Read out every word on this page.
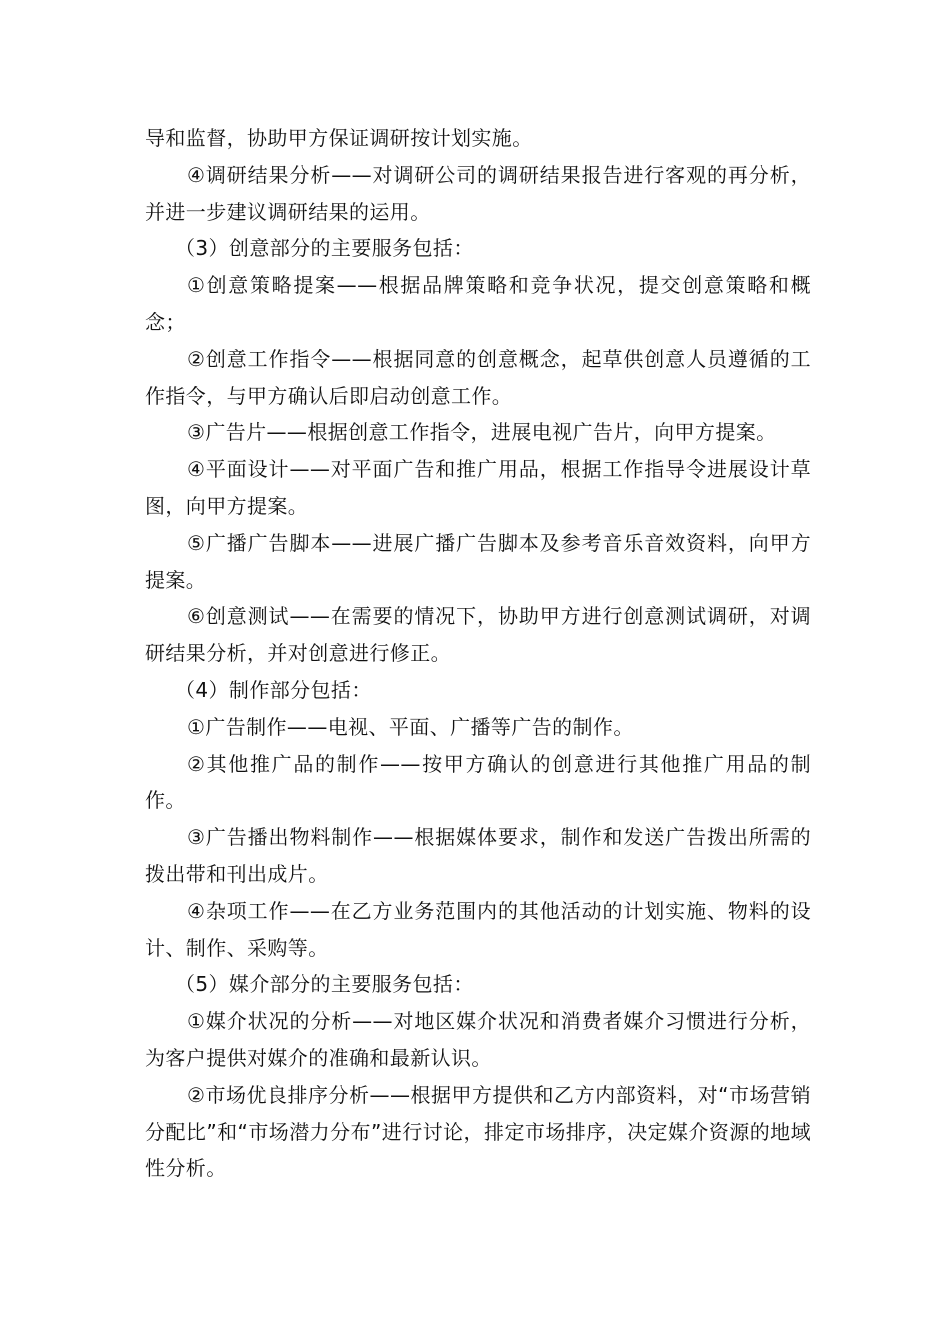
导和监督，协助甲方保证调研按计划实施。

④调研结果分析——对调研公司的调研结果报告进行客观的再分析，并进一步建议调研结果的运用。

（3）创意部分的主要服务包括：

①创意策略提案——根据品牌策略和竞争状况，提交创意策略和概念；

②创意工作指令——根据同意的创意概念，起草供创意人员遵循的工作指令，与甲方确认后即启动创意工作。

③广告片——根据创意工作指令，进展电视广告片，向甲方提案。

④平面设计——对平面广告和推广用品，根据工作指导令进展设计草图，向甲方提案。

⑤广播广告脚本——进展广播广告脚本及参考音乐音效资料，向甲方提案。

⑥创意测试——在需要的情况下，协助甲方进行创意测试调研，对调研结果分析，并对创意进行修正。

（4）制作部分包括：

①广告制作——电视、平面、广播等广告的制作。

②其他推广品的制作——按甲方确认的创意进行其他推广用品的制作。

③广告播出物料制作——根据媒体要求，制作和发送广告拨出所需的拨出带和刊出成片。

④杂项工作——在乙方业务范围内的其他活动的计划实施、物料的设计、制作、采购等。

（5）媒介部分的主要服务包括：

①媒介状况的分析——对地区媒介状况和消费者媒介习惯进行分析，为客户提供对媒介的准确和最新认识。

②市场优良排序分析——根据甲方提供和乙方内部资料，对“市场营销分配比”和“市场潜力分布”进行讨论，排定市场排序，决定媒介资源的地域性分析。
